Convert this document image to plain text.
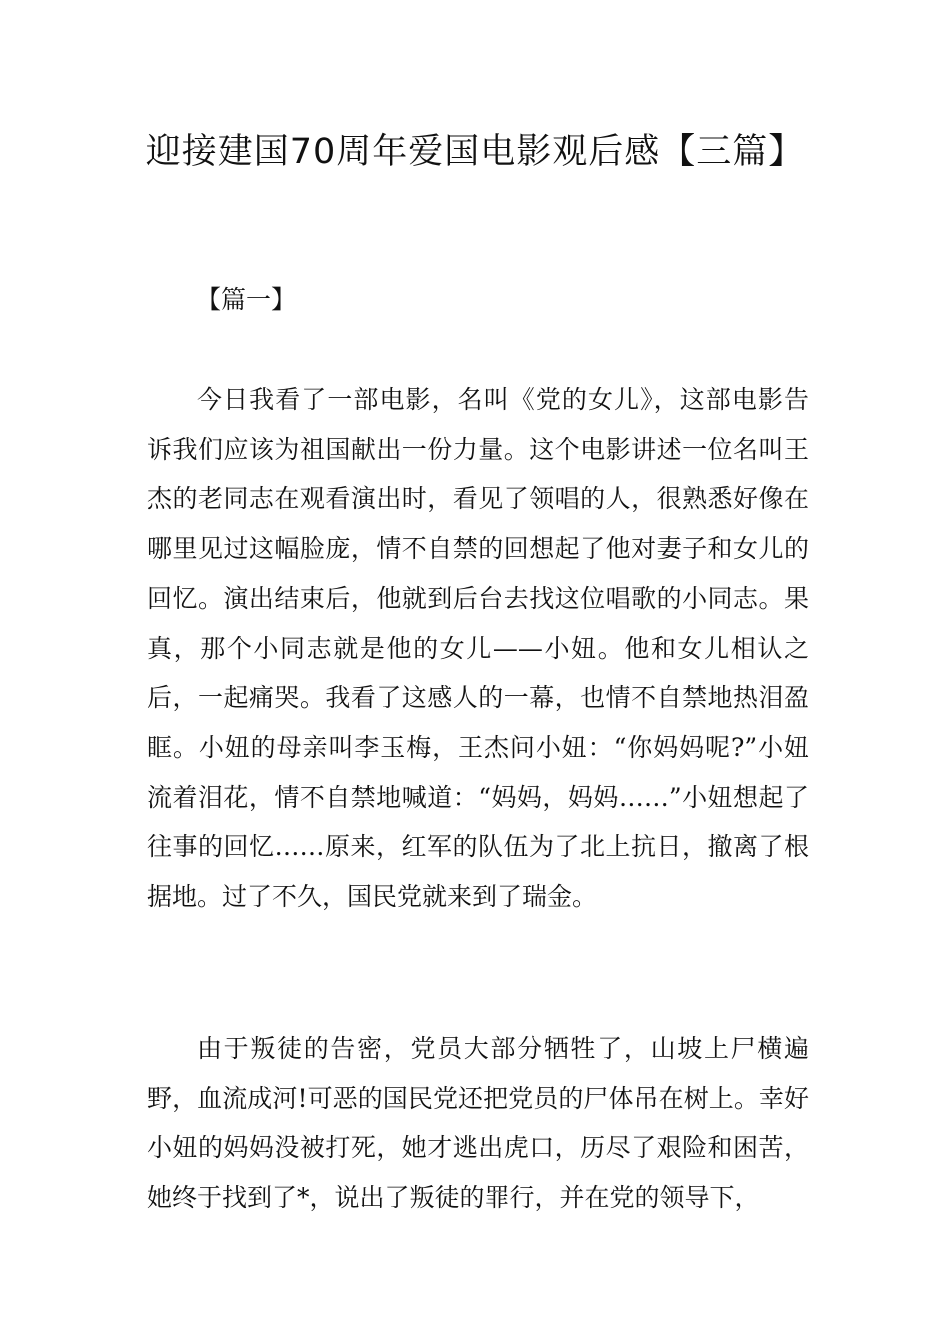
迎接建国70周年爱国电影观后感【三篇】

【篇一】

今日我看了一部电影，名叫《党的女儿》，这部电影告诉我们应该为祖国献出一份力量。这个电影讲述一位名叫王杰的老同志在观看演出时，看见了领唱的人，很熟悉好像在哪里见过这幅脸庞，情不自禁的回想起了他对妻子和女儿的回忆。演出结束后，他就到后台去找这位唱歌的小同志。果真，那个小同志就是他的女儿——小妞。他和女儿相认之后，一起痛哭。我看了这感人的一幕，也情不自禁地热泪盈眶。小妞的母亲叫李玉梅，王杰问小妞：“你妈妈呢?”小妞流着泪花，情不自禁地喊道：“妈妈，妈妈……”小妞想起了往事的回忆……原来，红军的队伍为了北上抗日，撤离了根据地。过了不久，国民党就来到了瑞金。

由于叛徒的告密，党员大部分牺牲了，山坡上尸横遍野，血流成河!可恶的国民党还把党员的尸体吊在树上。幸好小妞的妈妈没被打死，她才逃出虎口，历尽了艰险和困苦，她终于找到了*，说出了叛徒的罪行，并在党的领导下，
